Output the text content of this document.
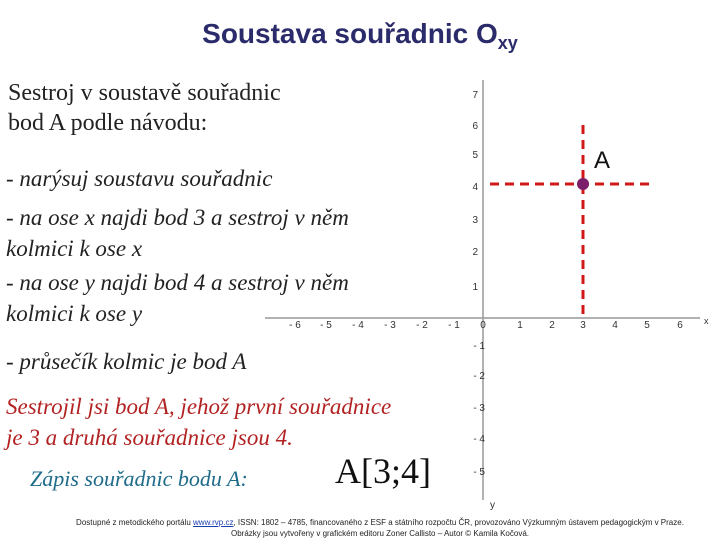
Soustava souřadnic $O_{xy}$
Sestroj v soustavě souřadnic
bod A podle návodu:
- narýsuj soustavu souřadnic
- na ose x najdi bod 3 a sestroj v něm
kolmici k ose x
- na ose y najdi bod 4 a sestroj v něm
kolmici k ose y
- průsečík kolmic je bod A
Sestrojil jsi bod A, jehož první souřadnice
je 3 a druhá souřadnice jsou 4.
A
x
y
7
0	1	2	3	4	5	6
- 6 - 5 - 4 - 3 - 2 - 1
1
2
3
4
5
6
- 1
- 2
- 3
- 4
- 5
Zápis souřadnic bodu A: A[3;4]
Dostupné z metodického portálu www.rvp.cz, ISSN: 1802 – 4785, financovaného z ESF a státního rozpočtu ČR, provozováno Výzkumným ústavem pedagogickým v Praze.
Obrázky jsou vytvořeny v grafickém editoru Zoner Callisto – Autor © Kamila Kočová.
